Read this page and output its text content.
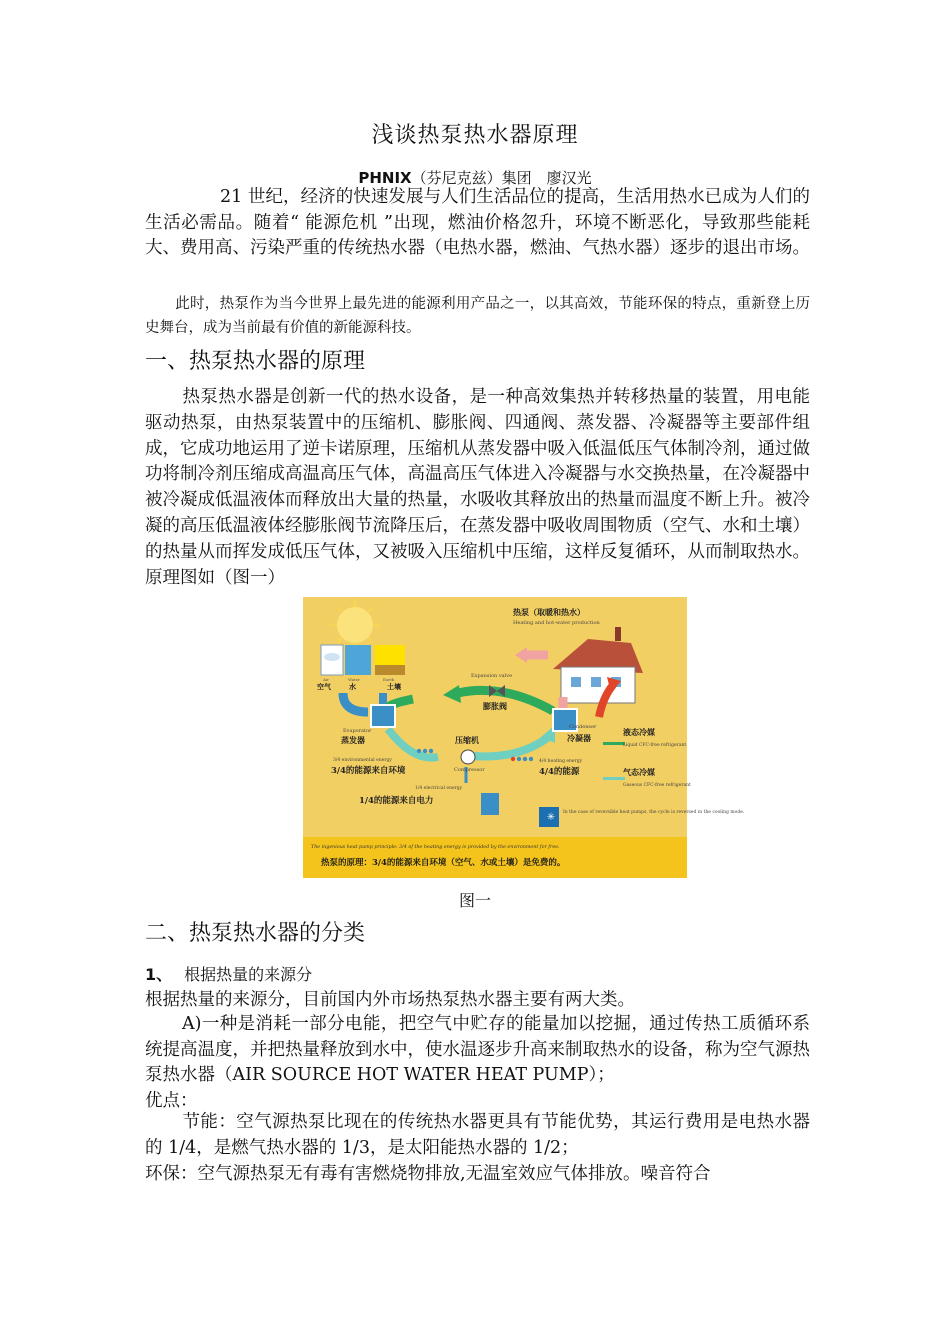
浅谈热泵热水器原理
PHNIX（芬尼克兹）集团　廖汉光

21 世纪，经济的快速发展与人们生活品位的提高，生活用热水已成为人们的生活必需品。随着“ 能源危机 ”出现，燃油价格忽升，环境不断恶化，导致那些能耗大、费用高、污染严重的传统热水器（电热水器，燃油、气热水器）逐步的退出市场。

此时，热泵作为当今世界上最先进的能源利用产品之一，以其高效，节能环保的特点，重新登上历史舞台，成为当前最有价值的新能源科技。

一、热泵热水器的原理

热泵热水器是创新一代的热水设备，是一种高效集热并转移热量的装置，用电能驱动热泵，由热泵装置中的压缩机、膨胀阀、四通阀、蒸发器、冷凝器等主要部件组成，它成功地运用了逆卡诺原理，压缩机从蒸发器中吸入低温低压气体制冷剂，通过做功将制冷剂压缩成高温高压气体，高温高压气体进入冷凝器与水交换热量，在冷凝器中被冷凝成低温液体而释放出大量的热量，水吸收其释放出的热量而温度不断上升。被冷凝的高压低温液体经膨胀阀节流降压后，在蒸发器中吸收周围物质（空气、水和土壤）的热量从而挥发成低压气体，又被吸入压缩机中压缩，这样反复循环，从而制取热水。原理图如（图一）

Air	Water	Earth
空气	水	土壤
热泵（取暖和热水）
Heating and hot-water production
Expansion valve
膨胀阀
Evaporator
蒸发器	压缩机
Compressor
Condenser
冷凝器
液态冷媒
Liquid CFC-free refrigerant
气态冷媒
Gaseous CFC-free refrigerant
3/4 environmental energy
3/4的能源来自环境
1/4 electrical energy
1/4的能源来自电力
4/4 heating energy
4/4的能源
✳ In the case of reversible heat pumps, the cycle is reversed in the cooling mode.
The ingenious heat pump principle: 3/4 of the heating energy is provided by the environment for free.
热泵的原理：3/4的能源来自环境（空气、水或土壤）是免费的。
图一
二、热泵热水器的分类

1、 根据热量的来源分

根据热量的来源分，目前国内外市场热泵热水器主要有两大类。

A)一种是消耗一部分电能，把空气中贮存的能量加以挖掘，通过传热工质循环系统提高温度，并把热量释放到水中，使水温逐步升高来制取热水的设备，称为空气源热泵热水器（AIR SOURCE HOT WATER HEAT PUMP）；

优点：

节能：空气源热泵比现在的传统热水器更具有节能优势，其运行费用是电热水器的 1/4，是燃气热水器的 1/3，是太阳能热水器的 1/2；

环保：空气源热泵无有毒有害燃烧物排放,无温室效应气体排放。噪音符合
